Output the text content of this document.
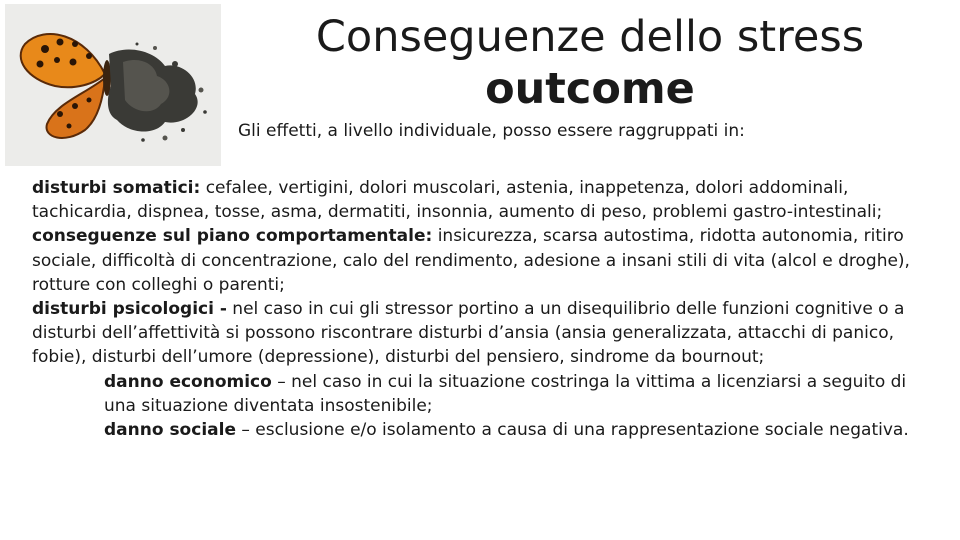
Conseguenze dello stress
outcome
Gli effetti, a livello individuale, posso essere raggruppati in:

disturbi somatici: cefalee, vertigini, dolori muscolari, astenia, inappetenza, dolori addominali, tachicardia, dispnea, tosse, asma, dermatiti, insonnia, aumento di peso, problemi gastro-intestinali;

conseguenze sul piano comportamentale: insicurezza, scarsa autostima, ridotta autonomia, ritiro sociale, difficoltà di concentrazione, calo del rendimento, adesione a insani stili di vita (alcol e droghe), rotture con colleghi o parenti;

disturbi psicologici - nel caso in cui gli stressor portino a un disequilibrio delle funzioni cognitive o a disturbi dell’affettività si possono riscontrare disturbi d’ansia (ansia generalizzata, attacchi di panico, fobie), disturbi dell’umore (depressione), disturbi del pensiero, sindrome da bournout;

danno economico – nel caso in cui la situazione costringa la vittima a licenziarsi a seguito di una situazione diventata insostenibile;

danno sociale – esclusione e/o isolamento a causa di una rappresentazione sociale negativa.
